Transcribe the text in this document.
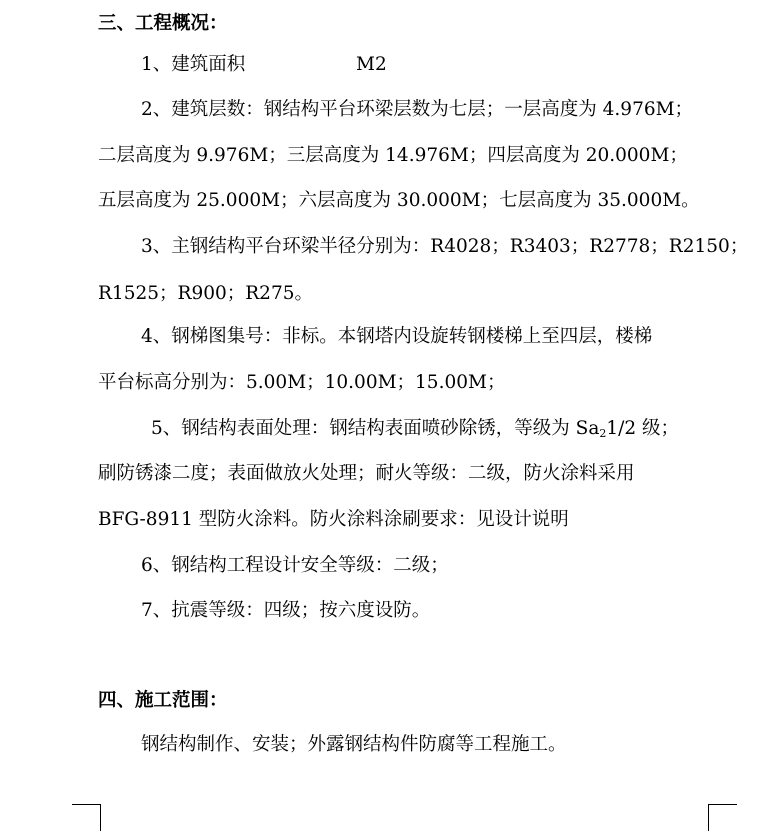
三、工程概况：
1、建筑面积	M2
2、建筑层数：钢结构平台环梁层数为七层；一层高度为 4.976M；
二层高度为 9.976M；三层高度为 14.976M；四层高度为 20.000M；
五层高度为 25.000M；六层高度为 30.000M；七层高度为 35.000M。
3、主钢结构平台环梁半径分别为：R4028；R3403；R2778；R2150；
R1525；R900；R275。
4、钢梯图集号：非标。本钢塔内设旋转钢楼梯上至四层，楼梯
平台标高分别为：5.00M；10.00M；15.00M；
5、钢结构表面处理：钢结构表面喷砂除锈，等级为 $Sa_21/2$ 级；
刷防锈漆二度；表面做放火处理；耐火等级：二级，防火涂料采用
BFG-8911 型防火涂料。防火涂料涂刷要求：见设计说明
6、钢结构工程设计安全等级：二级；
7、抗震等级：四级；按六度设防。
四、施工范围：
钢结构制作、安装；外露钢结构件防腐等工程施工。
